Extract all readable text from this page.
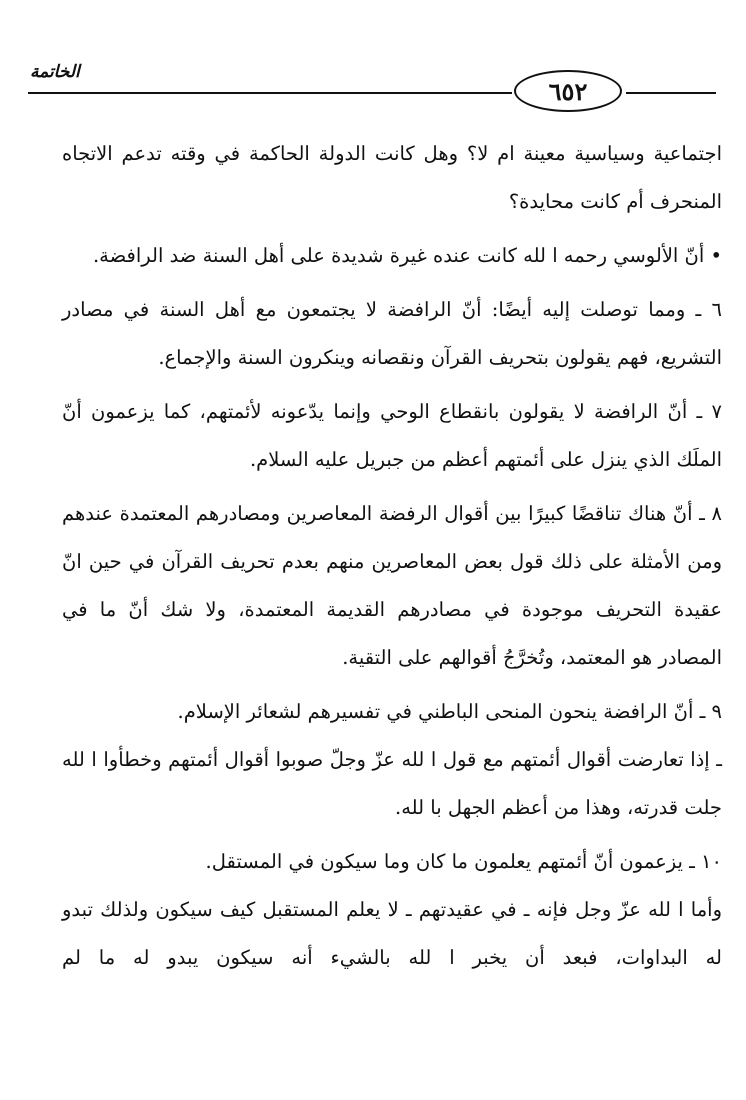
الخاتمة
٦٥٢

اجتماعية وسياسية معينة ام لا؟ وهل كانت الدولة الحاكمة في وقته تدعم الاتجاه المنحرف أم كانت محايدة؟

• أنّ الألوسي رحمه ا لله كانت عنده غيرة شديدة على أهل السنة ضد الرافضة.

٦ ـ ومما توصلت إليه أيضًا: أنّ الرافضة لا يجتمعون مع أهل السنة في مصادر التشريع، فهم يقولون بتحريف القرآن ونقصانه وينكرون السنة والإجماع.

٧ ـ أنّ الرافضة لا يقولون بانقطاع الوحي وإنما يدّعونه لأئمتهم، كما يزعمون أنّ الملَك الذي ينزل على أئمتهم أعظم من جبريل عليه السلام.

٨ ـ أنّ هناك تناقضًا كبيرًا بين أقوال الرفضة المعاصرين ومصادرهم المعتمدة عندهم ومن الأمثلة على ذلك قول بعض المعاصرين منهم بعدم تحريف القرآن في حين انّ عقيدة التحريف موجودة في مصادرهم القديمة المعتمدة، ولا شك أنّ ما في المصادر هو المعتمد، وتُخرَّجُ أقوالهم على التقية.

٩ ـ أنّ الرافضة ينحون المنحى الباطني في تفسيرهم لشعائر الإسلام.

ـ إذا تعارضت أقوال أئمتهم مع قول ا لله عزّ وجلّ صوبوا أقوال أئمتهم وخطأوا ا لله جلت قدرته، وهذا من أعظم الجهل با لله.

١٠ ـ يزعمون أنّ أئمتهم يعلمون ما كان وما سيكون في المستقل.

وأما ا لله عزّ وجل فإنه ـ في عقيدتهم ـ لا يعلم المستقبل كيف سيكون ولذلك تبدو له البداوات، فبعد أن يخبر ا لله بالشيء أنه سيكون يبدو له ما لم
